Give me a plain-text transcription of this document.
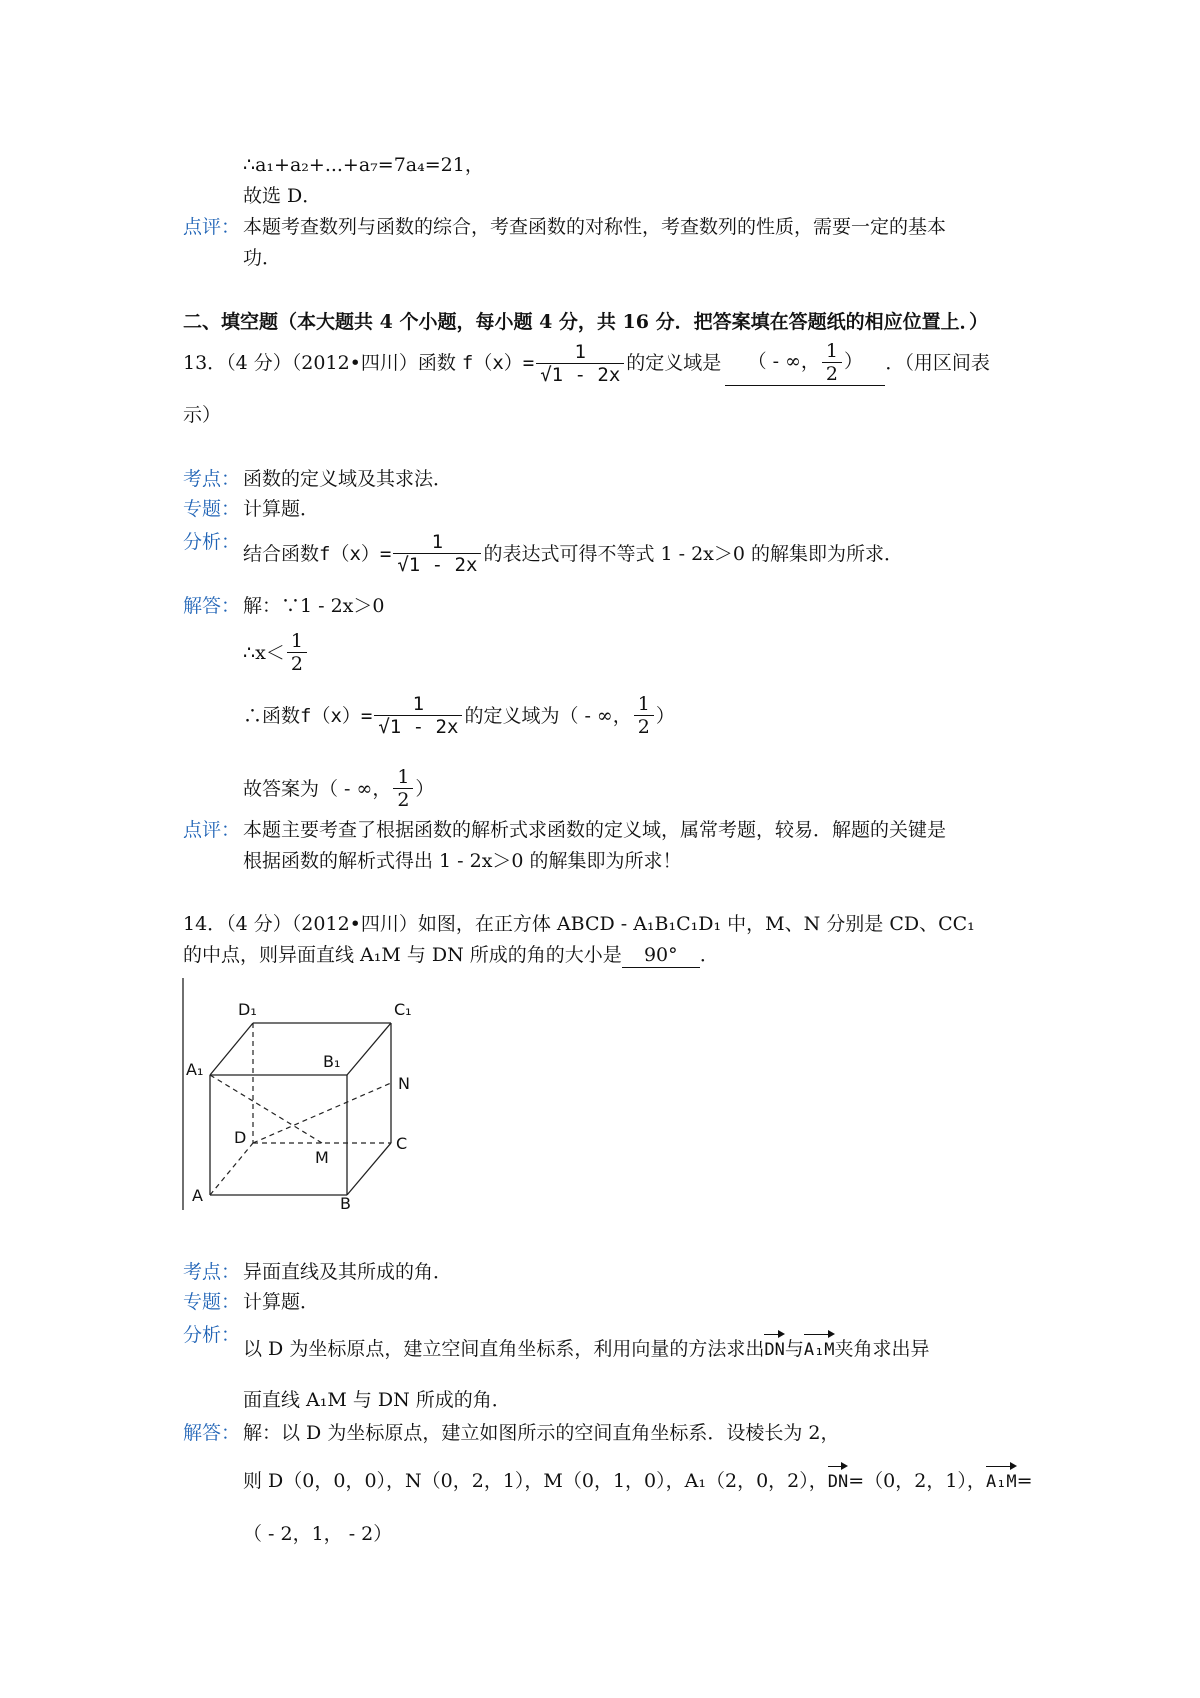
∴a₁+a₂+...+a₇=7a₄=21，
故选 D．
点评： 本题考查数列与函数的综合，考查函数的对称性，考查数列的性质，需要一定的基本
功．
二、填空题（本大题共 4 个小题，每小题 4 分，共 16 分．把答案填在答题纸的相应位置上．）
13．（4 分）（2012•四川）函数 $f(x)= \frac{1}{√1 - 2x}$ 的定义域是	（ - ∞， $\frac{1}{2}$ ）	．（用区间表
示）
考点： 函数的定义域及其求法．
专题： 计算题．
分析：
结合函数 $f(x)= \frac{1}{√1 - 2x}$ 的表达式可得不等式 1 - 2x＞0 的解集即为所求．
解答： 解：∵1 - 2x＞0
∴x＜ $\frac{1}{2}$
∴函数 $f(x)= \frac{1}{√1 - 2x}$ 的定义域为（ - ∞， $\frac{1}{2}$ ）
故答案为（ - ∞， $\frac{1}{2}$ ）
点评： 本题主要考查了根据函数的解析式求函数的定义域，属常考题，较易．解题的关键是
根据函数的解析式得出 1 - 2x＞0 的解集即为所求！
14．（4 分）（2012•四川）如图，在正方体 ABCD - A₁B₁C₁D₁ 中，M、N 分别是 CD、CC₁
的中点，则异面直线 A₁M 与 DN 所成的角的大小是 90° ．
D₁	C₁
A₁	B₁
N
D
M
C
A	B
考点： 异面直线及其所成的角．
专题： 计算题．
分析：
以 D 为坐标原点，建立空间直角坐标系，利用向量的方法求出DN与A₁M夹角求出异
面直线 A₁M 与 DN 所成的角．
解答： 解：以 D 为坐标原点，建立如图所示的空间直角坐标系．设棱长为 2，
则 D（0，0，0），N（0，2，1），M（0，1，0），A₁（2，0，2），DN=（0，2，1），A₁M=
（ - 2，1， - 2）
